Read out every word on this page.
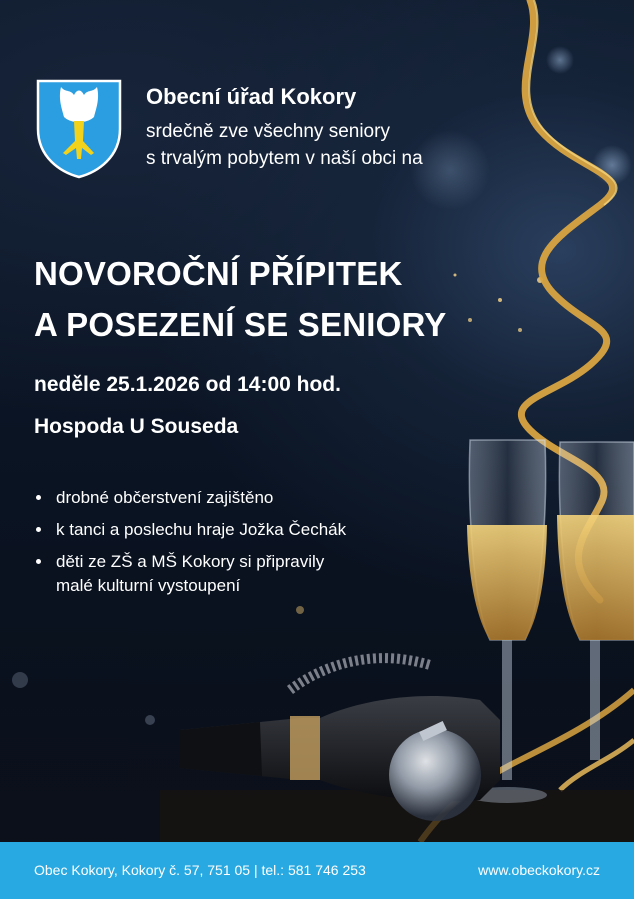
Obecní úřad Kokory
srdečně zve všechny seniory
s trvalým pobytem v naší obci na
NOVOROČNÍ PŘÍPITEK
A POSEZENÍ SE SENIORY
neděle 25.1.2026 od 14:00 hod.
Hospoda U Souseda
drobné občerstvení zajištěno
k tanci a poslechu hraje Jožka Čechák
děti ze ZŠ a MŠ Kokory si připravily
malé kulturní vystoupení
Obec Kokory, Kokory č. 57, 751 05 | tel.: 581 746 253	www.obeckokory.cz
